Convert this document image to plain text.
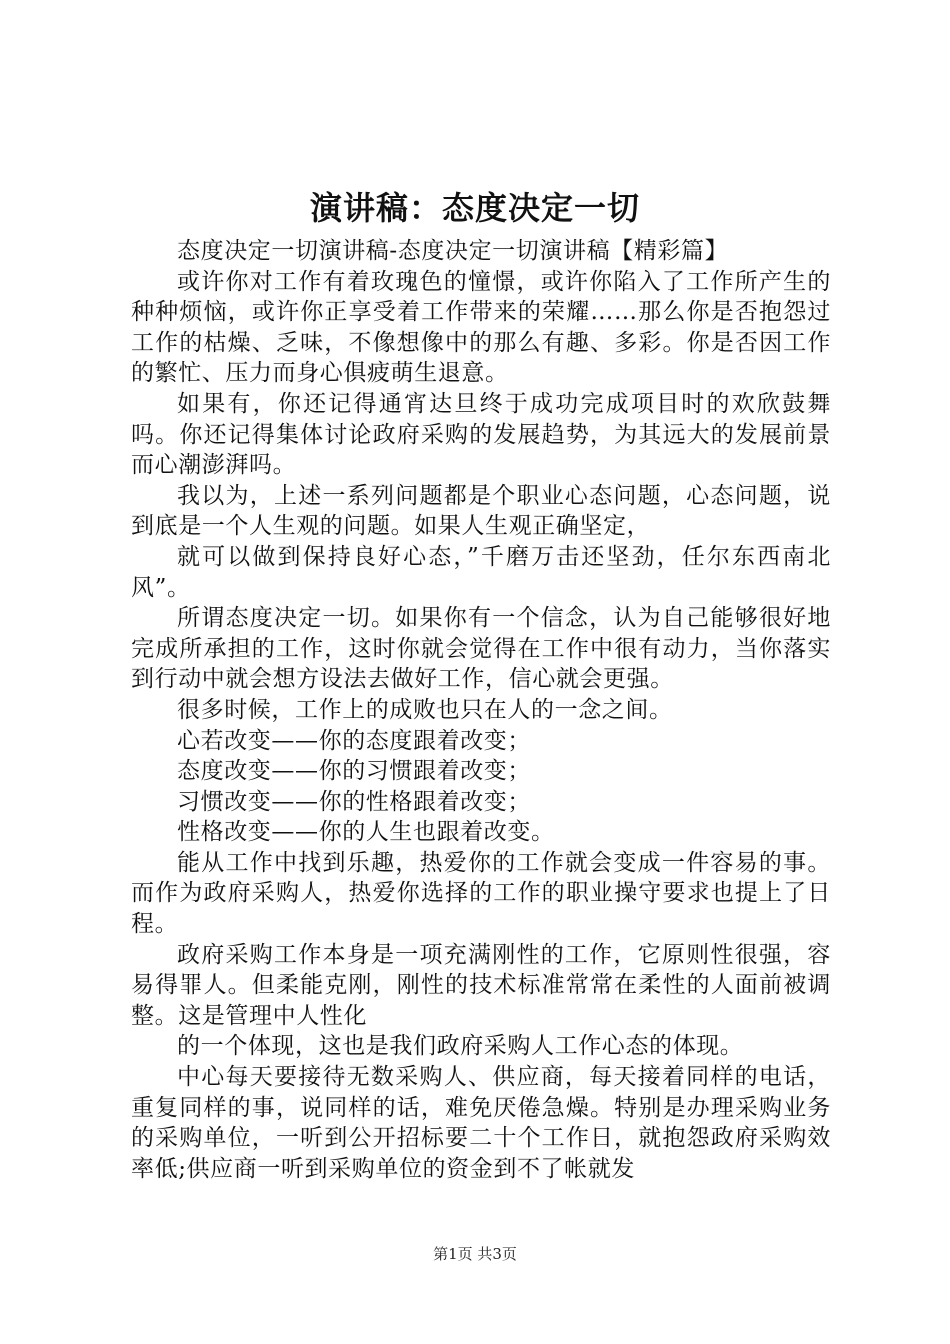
演讲稿：态度决定一切

态度决定一切演讲稿-态度决定一切演讲稿【精彩篇】

或许你对工作有着玫瑰色的憧憬，或许你陷入了工作所产生的种种烦恼，或许你正享受着工作带来的荣耀……那么你是否抱怨过工作的枯燥、乏味，不像想像中的那么有趣、多彩。你是否因工作的繁忙、压力而身心俱疲萌生退意。

如果有，你还记得通宵达旦终于成功完成项目时的欢欣鼓舞吗。你还记得集体讨论政府采购的发展趋势，为其远大的发展前景而心潮澎湃吗。

我以为，上述一系列问题都是个职业心态问题，心态问题，说到底是一个人生观的问题。如果人生观正确坚定，

就可以做到保持良好心态，”千磨万击还坚劲，任尔东西南北风”。

所谓态度决定一切。如果你有一个信念，认为自己能够很好地完成所承担的工作，这时你就会觉得在工作中很有动力，当你落实到行动中就会想方设法去做好工作，信心就会更强。

很多时候，工作上的成败也只在人的一念之间。

心若改变——你的态度跟着改变；

态度改变——你的习惯跟着改变；

习惯改变——你的性格跟着改变；

性格改变——你的人生也跟着改变。

能从工作中找到乐趣，热爱你的工作就会变成一件容易的事。而作为政府采购人，热爱你选择的工作的职业操守要求也提上了日程。

政府采购工作本身是一项充满刚性的工作，它原则性很强，容易得罪人。但柔能克刚，刚性的技术标准常常在柔性的人面前被调整。这是管理中人性化

的一个体现，这也是我们政府采购人工作心态的体现。

中心每天要接待无数采购人、供应商，每天接着同样的电话，重复同样的事，说同样的话，难免厌倦急燥。特别是办理采购业务的采购单位，一听到公开招标要二十个工作日，就抱怨政府采购效率低;供应商一听到采购单位的资金到不了帐就发

第1页 共3页
